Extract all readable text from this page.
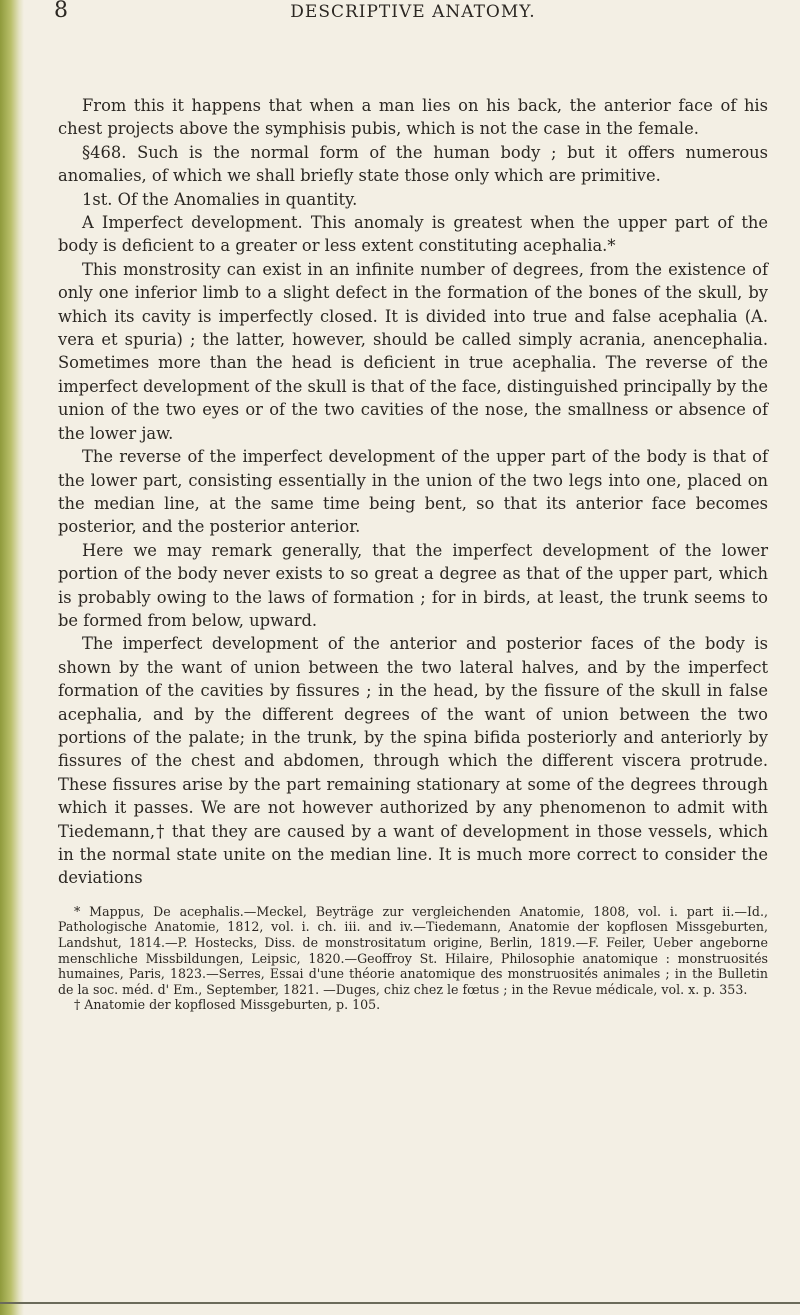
8	DESCRIPTIVE ANATOMY.

From this it happens that when a man lies on his back, the anterior face of his chest projects above the symphisis pubis, which is not the case in the female.

§468. Such is the normal form of the human body ; but it offers numerous anomalies, of which we shall briefly state those only which are primitive.

1st. Of the Anomalies in quantity.

A Imperfect development. This anomaly is greatest when the upper part of the body is deficient to a greater or less extent constituting acephalia.*

This monstrosity can exist in an infinite number of degrees, from the existence of only one inferior limb to a slight defect in the formation of the bones of the skull, by which its cavity is imperfectly closed. It is divided into true and false acephalia (A. vera et spuria) ; the latter, however, should be called simply acrania, anencephalia. Sometimes more than the head is deficient in true acephalia. The reverse of the imperfect development of the skull is that of the face, distinguished principally by the union of the two eyes or of the two cavities of the nose, the smallness or absence of the lower jaw.

The reverse of the imperfect development of the upper part of the body is that of the lower part, consisting essentially in the union of the two legs into one, placed on the median line, at the same time being bent, so that its anterior face becomes posterior, and the posterior anterior.

Here we may remark generally, that the imperfect development of the lower portion of the body never exists to so great a degree as that of the upper part, which is probably owing to the laws of formation ; for in birds, at least, the trunk seems to be formed from below, upward.

The imperfect development of the anterior and posterior faces of the body is shown by the want of union between the two lateral halves, and by the imperfect formation of the cavities by fissures ; in the head, by the fissure of the skull in false acephalia, and by the different degrees of the want of union between the two portions of the palate; in the trunk, by the spina bifida posteriorly and anteriorly by fissures of the chest and abdomen, through which the different viscera protrude. These fissures arise by the part remaining stationary at some of the degrees through which it passes. We are not however authorized by any phenomenon to admit with Tiedemann,† that they are caused by a want of development in those vessels, which in the normal state unite on the median line. It is much more correct to consider the deviations

* Mappus, De acephalis.—Meckel, Beyträge zur vergleichenden Anatomie, 1808, vol. i. part ii.—Id., Pathologische Anatomie, 1812, vol. i. ch. iii. and iv.—Tiedemann, Anatomie der kopflosen Missgeburten, Landshut, 1814.—P. Hostecks, Diss. de monstrositatum origine, Berlin, 1819.—F. Feiler, Ueber angeborne menschliche Missbildungen, Leipsic, 1820.—Geoffroy St. Hilaire, Philosophie anatomique : monstruosités humaines, Paris, 1823.—Serres, Essai d'une théorie anatomique des monstruosités animales ; in the Bulletin de la soc. méd. d' Em., September, 1821. —Duges, chiz chez le fœtus ; in the Revue médicale, vol. x. p. 353.

† Anatomie der kopflosed Missgeburten, p. 105.
